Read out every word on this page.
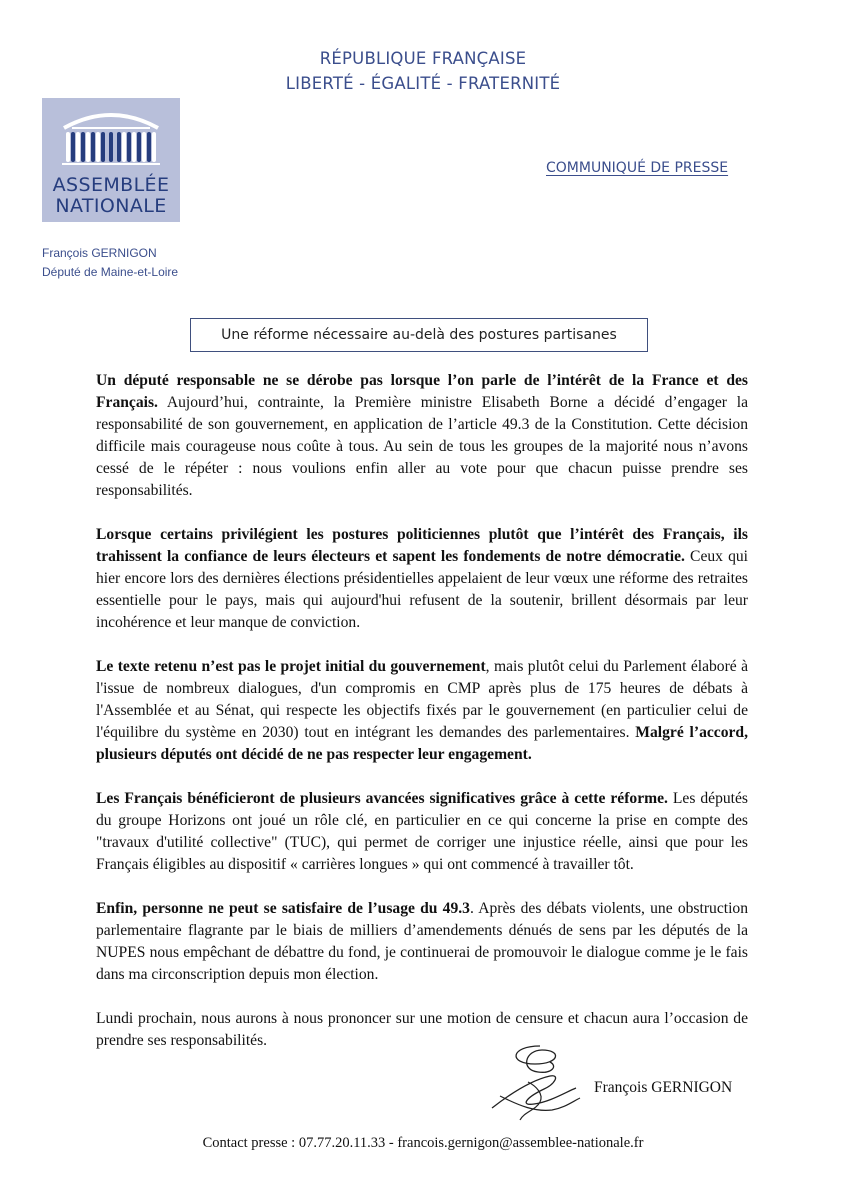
RÉPUBLIQUE FRANÇAISE
LIBERTÉ - ÉGALITÉ - FRATERNITÉ
ASSEMBLÉE
NATIONALE
COMMUNIQUÉ DE PRESSE
François GERNIGON
Député de Maine-et-Loire
Une réforme nécessaire au-delà des postures partisanes

Un député responsable ne se dérobe pas lorsque l’on parle de l’intérêt de la France et des Français. Aujourd’hui, contrainte, la Première ministre Elisabeth Borne a décidé d’engager la responsabilité de son gouvernement, en application de l’article 49.3 de la Constitution. Cette décision difficile mais courageuse nous coûte à tous. Au sein de tous les groupes de la majorité nous n’avons cessé de le répéter : nous voulions enfin aller au vote pour que chacun puisse prendre ses responsabilités.

Lorsque certains privilégient les postures politiciennes plutôt que l’intérêt des Français, ils trahissent la confiance de leurs électeurs et sapent les fondements de notre démocratie. Ceux qui hier encore lors des dernières élections présidentielles appelaient de leur vœux une réforme des retraites essentielle pour le pays, mais qui aujourd'hui refusent de la soutenir, brillent désormais par leur incohérence et leur manque de conviction.

Le texte retenu n’est pas le projet initial du gouvernement, mais plutôt celui du Parlement élaboré à l'issue de nombreux dialogues, d'un compromis en CMP après plus de 175 heures de débats à l'Assemblée et au Sénat, qui respecte les objectifs fixés par le gouvernement (en particulier celui de l'équilibre du système en 2030) tout en intégrant les demandes des parlementaires. Malgré l’accord, plusieurs députés ont décidé de ne pas respecter leur engagement.

Les Français bénéficieront de plusieurs avancées significatives grâce à cette réforme. Les députés du groupe Horizons ont joué un rôle clé, en particulier en ce qui concerne la prise en compte des "travaux d'utilité collective" (TUC), qui permet de corriger une injustice réelle, ainsi que pour les Français éligibles au dispositif « carrières longues » qui ont commencé à travailler tôt.

Enfin, personne ne peut se satisfaire de l’usage du 49.3. Après des débats violents, une obstruction parlementaire flagrante par le biais de milliers d’amendements dénués de sens par les députés de la NUPES nous empêchant de débattre du fond, je continuerai de promouvoir le dialogue comme je le fais dans ma circonscription depuis mon élection.

Lundi prochain, nous aurons à nous prononcer sur une motion de censure et chacun aura l’occasion de prendre ses responsabilités.

François GERNIGON
Contact presse : 07.77.20.11.33 - francois.gernigon@assemblee-nationale.fr
